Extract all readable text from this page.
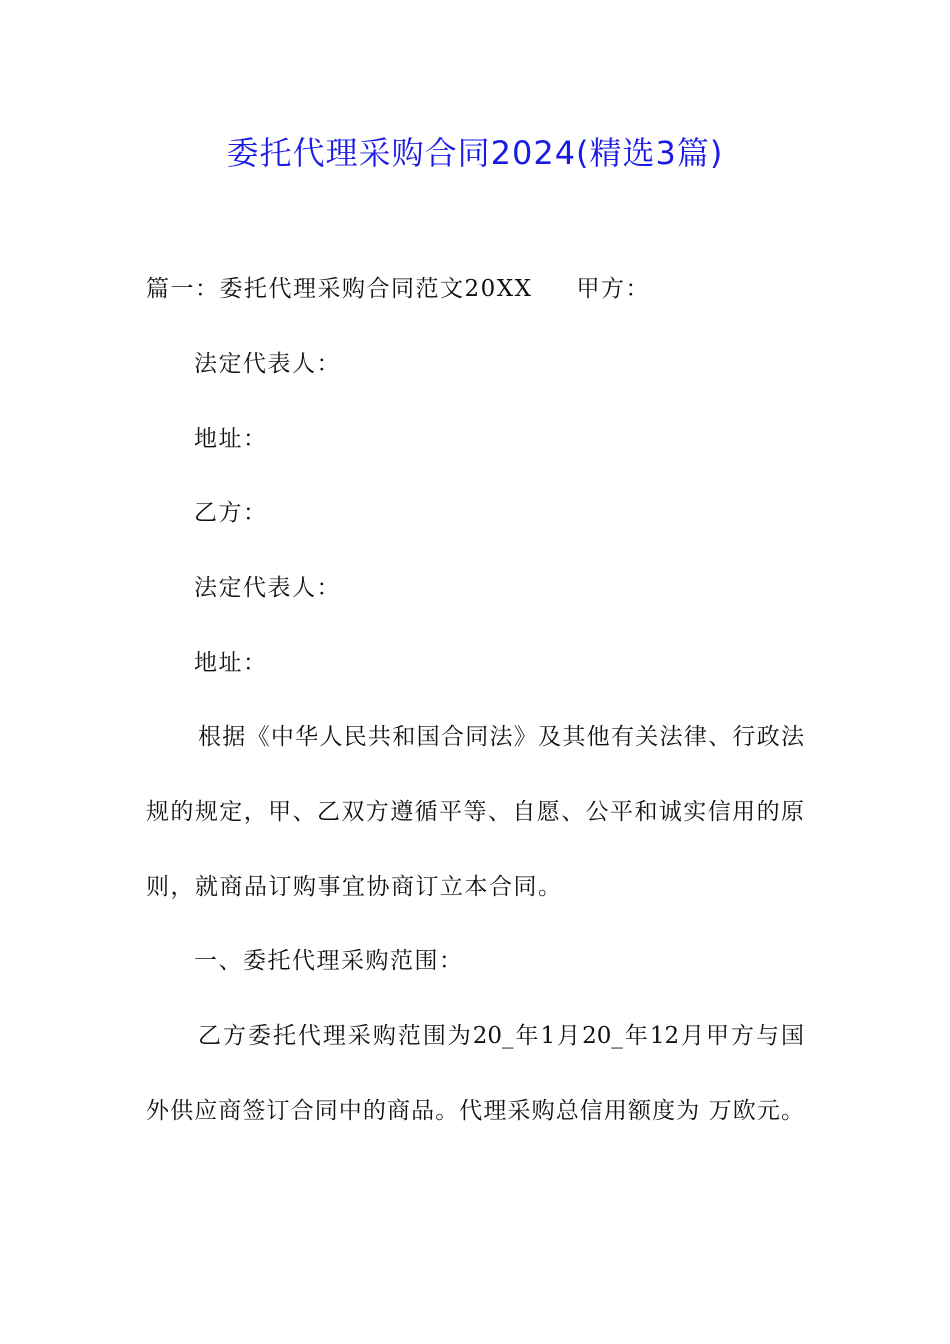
委托代理采购合同2024(精选3篇)
篇一：委托代理采购合同范文20XX 甲方：
法定代表人：
地址：
乙方：
法定代表人：
地址：
根据《中华人民共和国合同法》及其他有关法律、行政法
规的规定，甲、乙双方遵循平等、自愿、公平和诚实信用的原
则，就商品订购事宜协商订立本合同。
一、委托代理采购范围：
乙方委托代理采购范围为20_年1月20_年12月甲方与国
外供应商签订合同中的商品。代理采购总信用额度为 万欧元。
